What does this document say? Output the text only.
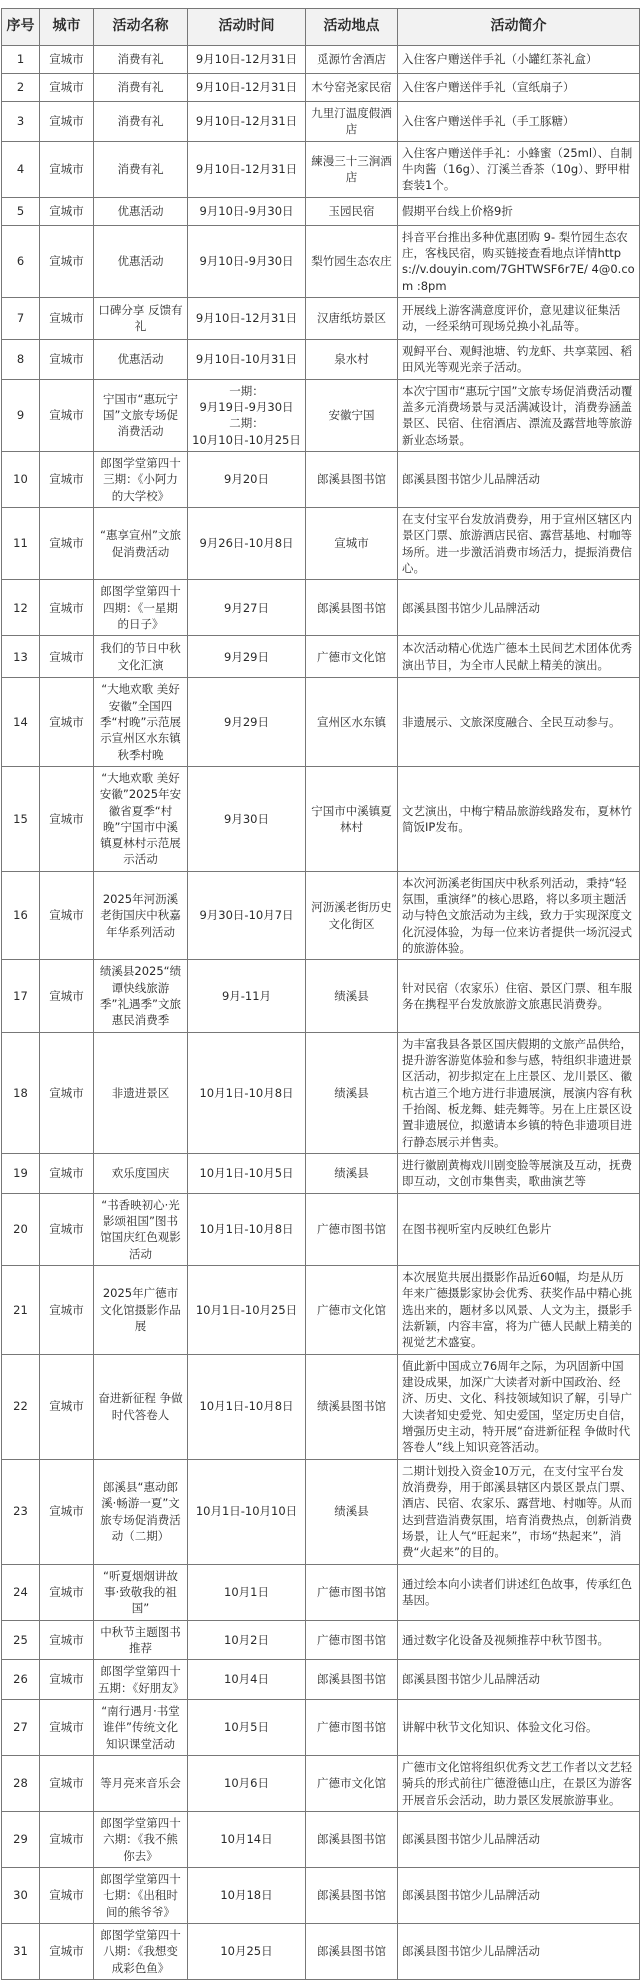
序号	城市	活动名称	活动时间	活动地点	活动简介
1	宣城市	消费有礼	9月10日-12月31日	觅源竹舍酒店	入住客户赠送伴手礼（小罐红茶礼盒）
2	宣城市	消费有礼	9月10日-12月31日	木兮窑尧家民宿	入住客户赠送伴手礼（宣纸扇子）
3	宣城市	消费有礼	9月10日-12月31日	九里汀温度假酒店	入住客户赠送伴手礼（手工豚糖）
4	宣城市	消费有礼	9月10日-12月31日	練漫三十三涧酒店	入住客户赠送伴手礼：小蜂蜜（25ml）、自制牛肉酱（16g）、汀溪兰香茶（10g）、野甲柑套装1个。
5	宣城市	优惠活动	9月10日-9月30日	玉园民宿	假期平台线上价格9折
6	宣城市	优惠活动	9月10日-9月30日	梨竹园生态农庄	抖音平台推出多种优惠团购 9- 梨竹园生态农庄，客栈民宿，购买链接查看地点详情https://v.douyin.com/7GHTWSF6r7E/ 4@0.com :8pm
7	宣城市	口碑分享 反馈有礼	9月10日-12月31日	汉唐纸坊景区	开展线上游客满意度评价，意见建议征集活动，一经采纳可现场兑换小礼品等。
8	宣城市	优惠活动	9月10日-10月31日	泉水村	观鲟平台、观鲟池塘、钓龙虾、共享菜园、稻田风光等观光亲子活动。
9	宣城市	宁国市“惠玩宁国”文旅专场促消费活动	一期：
9月19日-9月30日
二期：
10月10日-10月25日	安徽宁国	本次宁国市“惠玩宁国”文旅专场促消费活动覆盖多元消费场景与灵活满减设计，消费券涵盖景区、民宿、住宿酒店、漂流及露营地等旅游新业态场景。
10	宣城市	郎图学堂第四十三期：《小阿力的大学校》	9月20日	郎溪县图书馆	郎溪县图书馆少儿品牌活动
11	宣城市	“惠享宣州”文旅促消费活动	9月26日-10月8日	宣城市	在支付宝平台发放消费券，用于宣州区辖区内景区门票、旅游酒店民宿、露营基地、村咖等场所。进一步激活消费市场活力，提振消费信心。
12	宣城市	郎图学堂第四十四期：《一星期的日子》	9月27日	郎溪县图书馆	郎溪县图书馆少儿品牌活动
13	宣城市	我们的节日中秋文化汇演	9月29日	广德市文化馆	本次活动精心优选广德本土民间艺术团体优秀演出节目，为全市人民献上精美的演出。
14	宣城市	“大地欢歌 美好安徽”全国四季“村晚”示范展示宣州区水东镇秋季村晚	9月29日	宣州区水东镇	非遗展示、文旅深度融合、全民互动参与。
15	宣城市	“大地欢歌 美好安徽”2025年安徽省夏季“村晚”宁国市中溪镇夏林村示范展示活动	9月30日	宁国市中溪镇夏林村	文艺演出，中梅宁精品旅游线路发布，夏林竹简饭IP发布。
16	宣城市	2025年河沥溪老街国庆中秋嘉年华系列活动	9月30日-10月7日	河沥溪老街历史文化街区	本次河沥溪老街国庆中秋系列活动，秉持“轻氛围，重演绎”的核心思路，将以多项主题活动与特色文旅活动为主线，致力于实现深度文化沉浸体验，为每一位来访者提供一场沉浸式的旅游体验。
17	宣城市	绩溪县2025“绩谭快线旅游季”礼遇季”文旅惠民消费季	9月-11月	绩溪县	针对民宿（农家乐）住宿、景区门票、租车服务在携程平台发放旅游文旅惠民消费券。
18	宣城市	非遗进景区	10月1日-10月8日	绩溪县	为丰富我县各景区国庆假期的文旅产品供给，提升游客游览体验和参与感，特组织非遗进景区活动，初步拟定在上庄景区、龙川景区、徽杭古道三个地方进行非遗展演，展演内容有秋千抬阁、板龙舞、蛙壳舞等。另在上庄景区设置非遗展位，拟邀请本乡镇的特色非遗项目进行静态展示并售卖。
19	宣城市	欢乐度国庆	10月1日-10月5日	绩溪县	进行徽剧黄梅戏川剧变脸等展演及互动，抚费即互动，文创市集售卖，歌曲演艺等
20	宣城市	“书香映初心·光影颂祖国”图书馆国庆红色观影活动	10月1日-10月8日	广德市图书馆	在图书视听室内反映红色影片
21	宣城市	2025年广德市文化馆摄影作品展	10月1日-10月25日	广德市文化馆	本次展览共展出摄影作品近60幅，均是从历年来广德摄影家协会优秀、获奖作品中精心挑选出来的，题材多以风景、人文为主，摄影手法新颖，内容丰富，将为广德人民献上精美的视觉艺术盛宴。
22	宣城市	奋进新征程 争做时代答卷人	10月1日-10月8日	绩溪县图书馆	值此新中国成立76周年之际，为巩固新中国建设成果，加深广大读者对新中国政治、经济、历史、文化、科技领域知识了解，引导广大读者知史爱党、知史爱国，坚定历史自信，增强历史主动，特开展“奋进新征程 争做时代答卷人”线上知识竞答活动。
23	宣城市	郎溪县“惠动郎溪·畅游一夏”文旅专场促消费活动（二期）	10月1日-10月10日	绩溪县	二期计划投入资金10万元，在支付宝平台发放消费券，用于郎溪县辖区内景区景点门票、酒店、民宿、农家乐、露营地、村咖等。从而达到营造消费氛围，培育消费热点，创新消费场景，让人气“旺起来”，市场“热起来”，消费“火起来”的目的。
24	宣城市	“听夏烟烟讲故事·致敬我的祖国”	10月1日	广德市图书馆	通过绘本向小读者们讲述红色故事，传承红色基因。
25	宣城市	中秋节主题图书推荐	10月2日	广德市图书馆	通过数字化设备及视频推荐中秋节图书。
26	宣城市	郎图学堂第四十五期：《好朋友》	10月4日	郎溪县图书馆	郎溪县图书馆少儿品牌活动
27	宣城市	“南行遇月·书堂谁伴”传统文化知识课堂活动	10月5日	广德市图书馆	讲解中秋节文化知识、体验文化习俗。
28	宣城市	等月亮来音乐会	10月6日	广德市文化馆	广德市文化馆将组织优秀文艺工作者以文艺轻骑兵的形式前往广德澄德山庄，在景区为游客开展音乐会活动，助力景区发展旅游事业。
29	宣城市	郎图学堂第四十六期：《我不熊你去》	10月14日	郎溪县图书馆	郎溪县图书馆少儿品牌活动
30	宣城市	郎图学堂第四十七期：《出租时间的熊爷爷》	10月18日	郎溪县图书馆	郎溪县图书馆少儿品牌活动
31	宣城市	郎图学堂第四十八期：《我想变成彩色鱼》	10月25日	郎溪县图书馆	郎溪县图书馆少儿品牌活动
